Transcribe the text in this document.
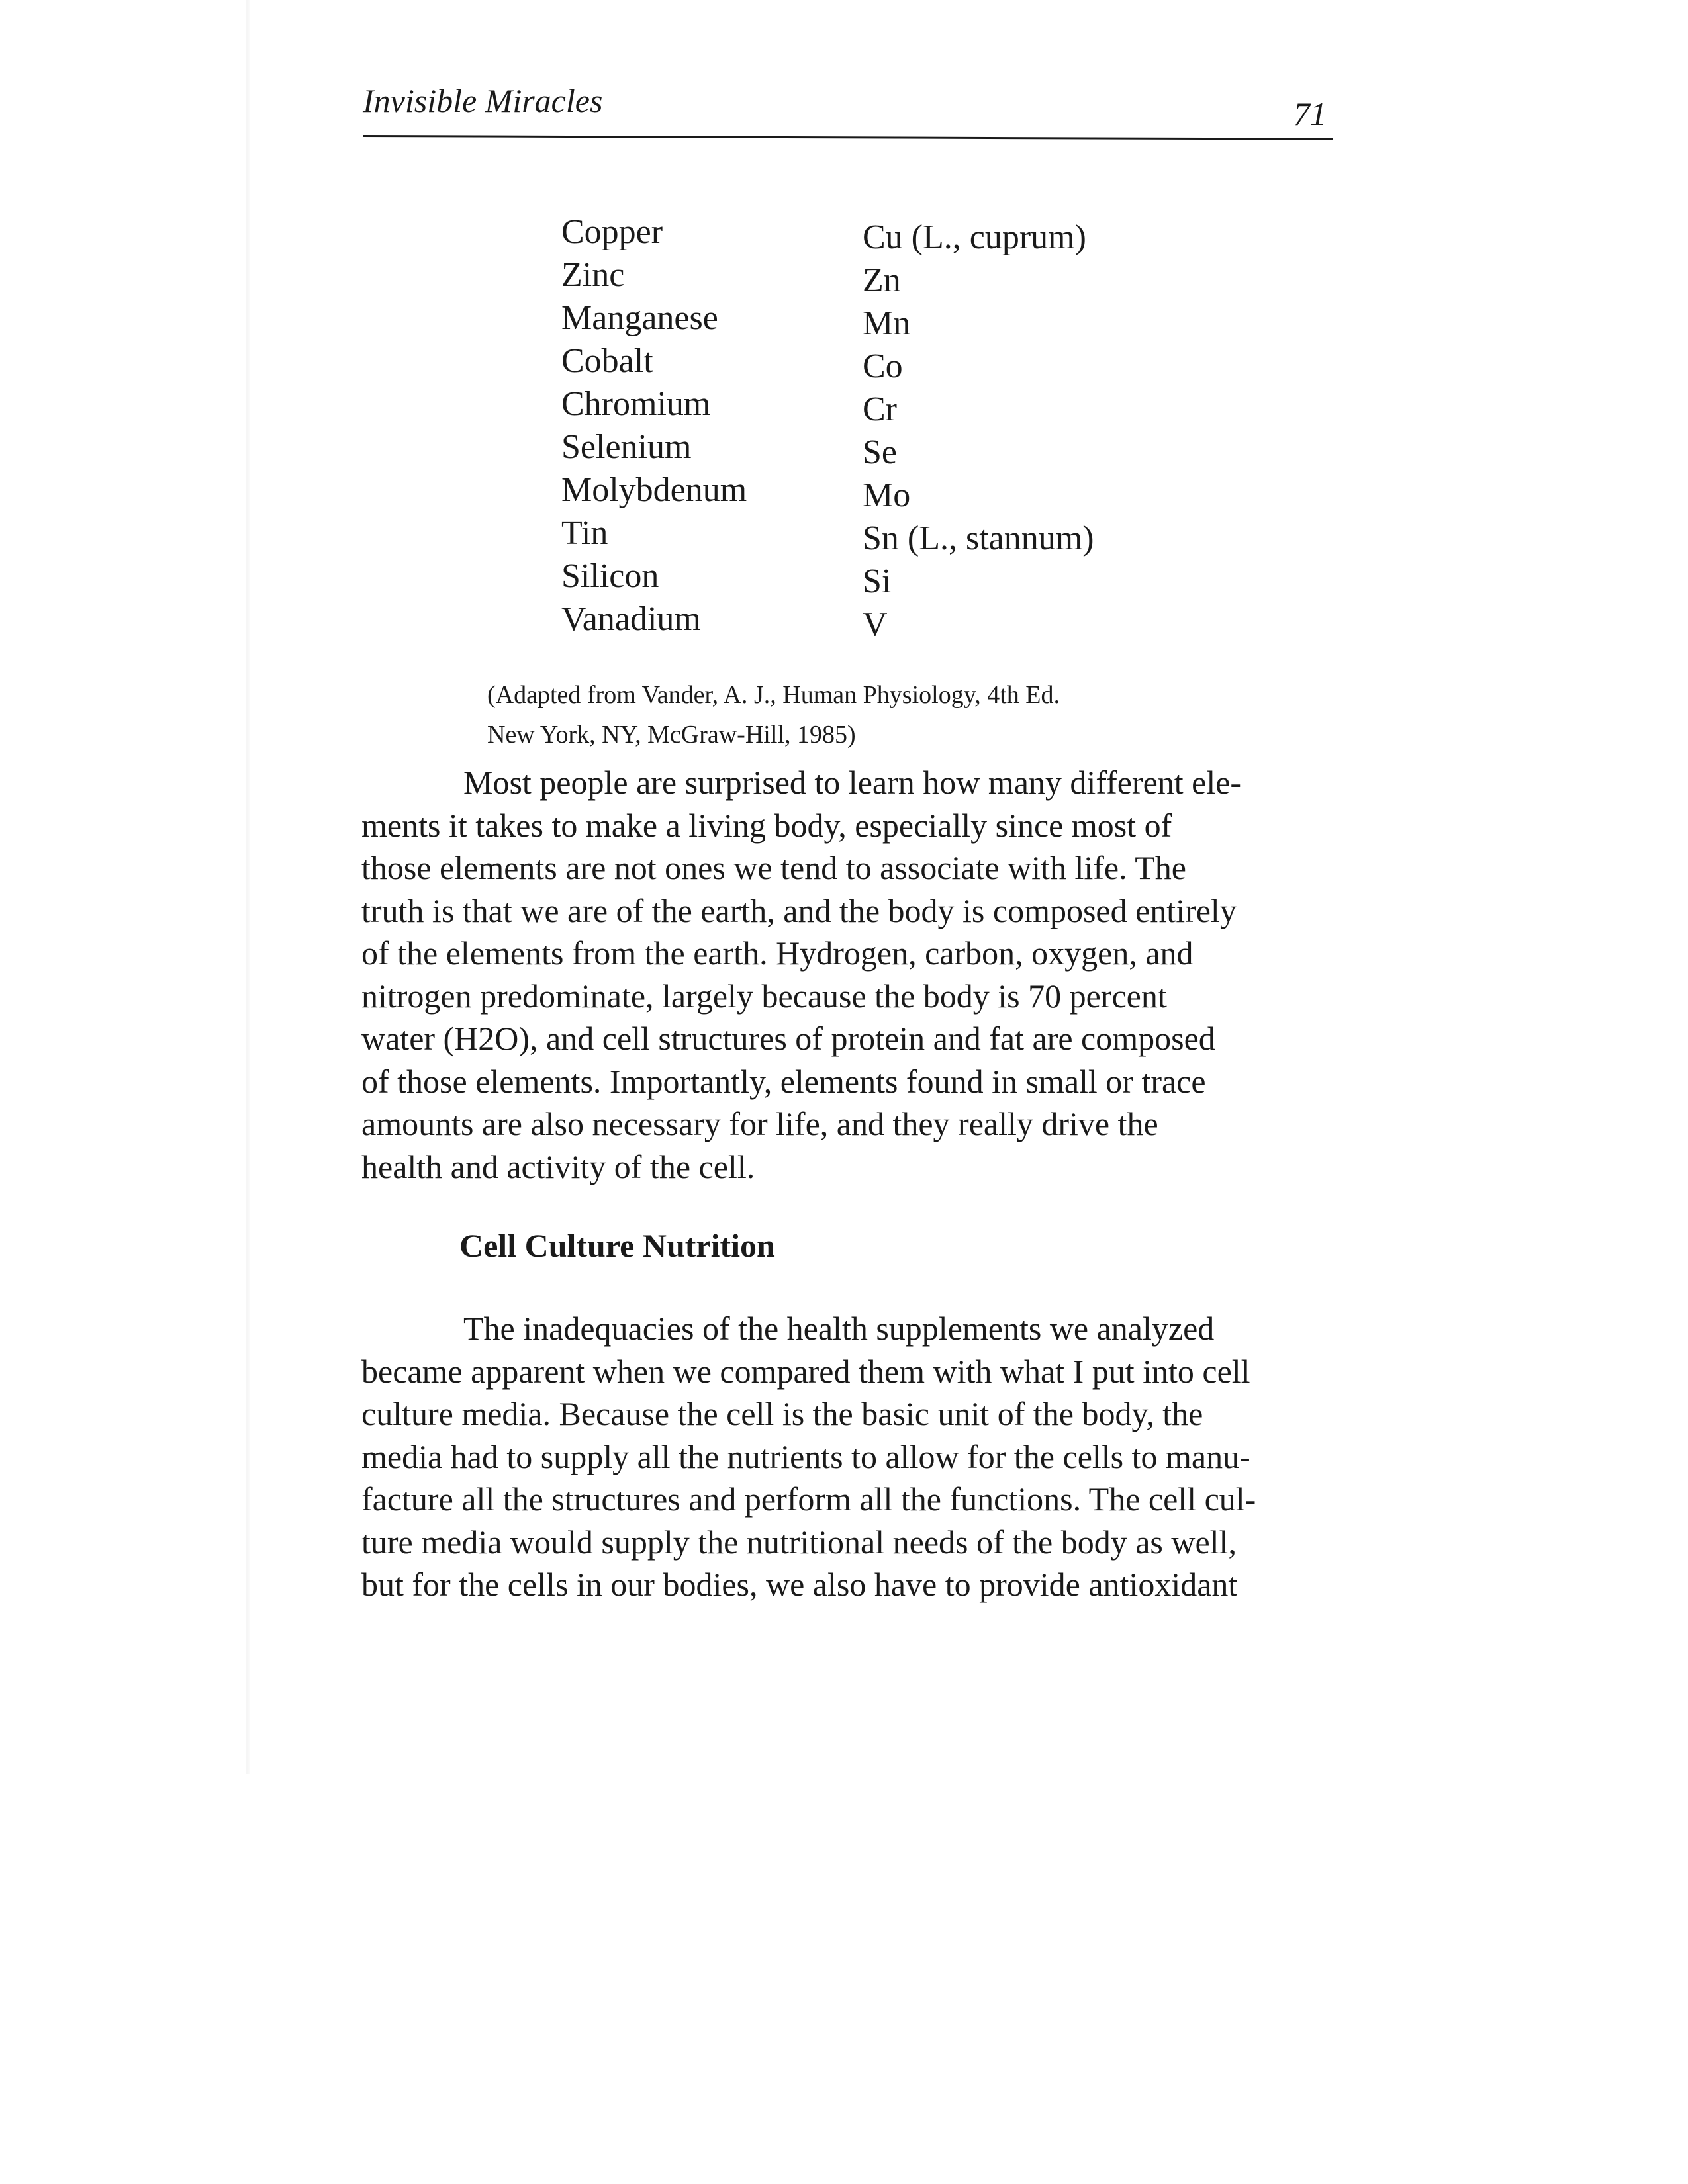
Invisible Miracles	71
Copper	Cu (L., cuprum)
Zinc	Zn
Manganese	Mn
Cobalt	Co
Chromium	Cr
Selenium	Se
Molybdenum	Mo
Tin	Sn (L., stannum)
Silicon	Si
Vanadium	V
(Adapted from Vander, A. J., Human Physiology, 4th Ed.
New York, NY, McGraw-Hill, 1985)
Most people are surprised to learn how many different ele-
ments it takes to make a living body, especially since most of
those elements are not ones we tend to associate with life. The
truth is that we are of the earth, and the body is composed entirely
of the elements from the earth. Hydrogen, carbon, oxygen, and
nitrogen predominate, largely because the body is 70 percent
water (H2O), and cell structures of protein and fat are composed
of those elements. Importantly, elements found in small or trace
amounts are also necessary for life, and they really drive the
health and activity of the cell.
Cell Culture Nutrition
The inadequacies of the health supplements we analyzed
became apparent when we compared them with what I put into cell
culture media. Because the cell is the basic unit of the body, the
media had to supply all the nutrients to allow for the cells to manu-
facture all the structures and perform all the functions. The cell cul-
ture media would supply the nutritional needs of the body as well,
but for the cells in our bodies, we also have to provide antioxidant
